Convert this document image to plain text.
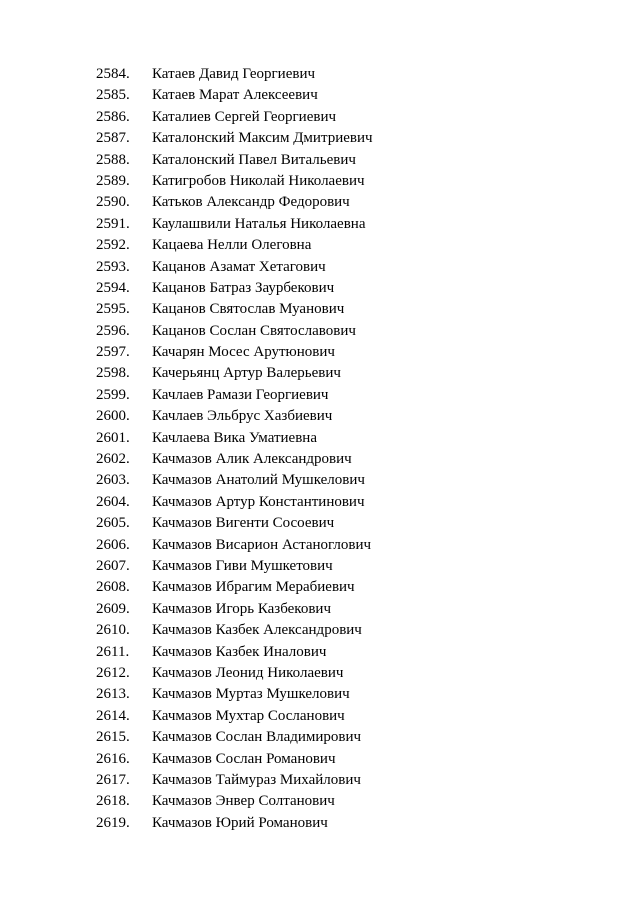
2584.	Катаев Давид Георгиевич
2585.	Катаев Марат Алексеевич
2586.	Каталиев Сергей Георгиевич
2587.	Каталонский Максим Дмитриевич
2588.	Каталонский Павел Витальевич
2589.	Катигробов Николай Николаевич
2590.	Катьков Александр Федорович
2591.	Каулашвили Наталья Николаевна
2592.	Кацаева Нелли Олеговна
2593.	Кацанов Азамат Хетагович
2594.	Кацанов Батраз Заурбекович
2595.	Кацанов Святослав Муанович
2596.	Кацанов Сослан Святославович
2597.	Качарян Мосес Арутюнович
2598.	Качерьянц Артур Валерьевич
2599.	Качлаев Рамази Георгиевич
2600.	Качлаев Эльбрус Хазбиевич
2601.	Качлаева Вика Уматиевна
2602.	Качмазов Алик Александрович
2603.	Качмазов Анатолий Мушкелович
2604.	Качмазов Артур Константинович
2605.	Качмазов Вигенти Сосоевич
2606.	Качмазов Висарион Астаноглович
2607.	Качмазов Гиви Мушкетович
2608.	Качмазов Ибрагим Мерабиевич
2609.	Качмазов Игорь Казбекович
2610.	Качмазов Казбек Александрович
2611.	Качмазов Казбек Иналович
2612.	Качмазов Леонид Николаевич
2613.	Качмазов Муртаз Мушкелович
2614.	Качмазов Мухтар Сосланович
2615.	Качмазов Сослан Владимирович
2616.	Качмазов Сослан Романович
2617.	Качмазов Таймураз Михайлович
2618.	Качмазов Энвер Солтанович
2619.	Качмазов Юрий Романович
